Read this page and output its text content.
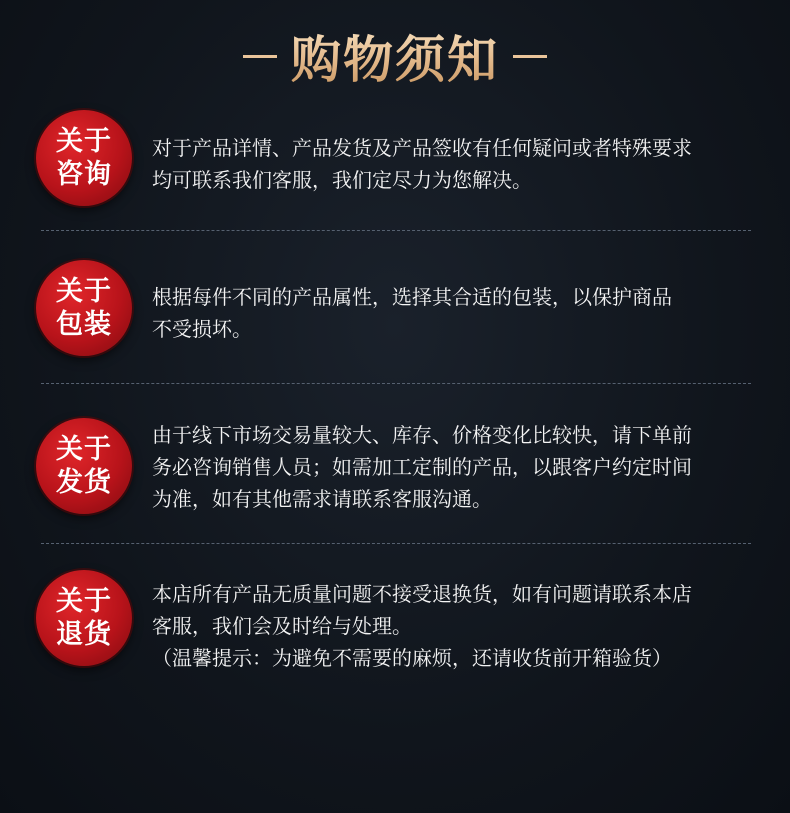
购物须知
关于
咨询

对于产品详情、产品发货及产品签收有任何疑问或者特殊要求

均可联系我们客服，我们定尽力为您解决。

关于
包装

根据每件不同的产品属性，选择其合适的包装，以保护商品

不受损坏。

关于
发货

由于线下市场交易量较大、库存、价格变化比较快，请下单前

务必咨询销售人员；如需加工定制的产品，以跟客户约定时间

为准，如有其他需求请联系客服沟通。

关于
退货

本店所有产品无质量问题不接受退换货，如有问题请联系本店

客服，我们会及时给与处理。

（温馨提示：为避免不需要的麻烦，还请收货前开箱验货）
